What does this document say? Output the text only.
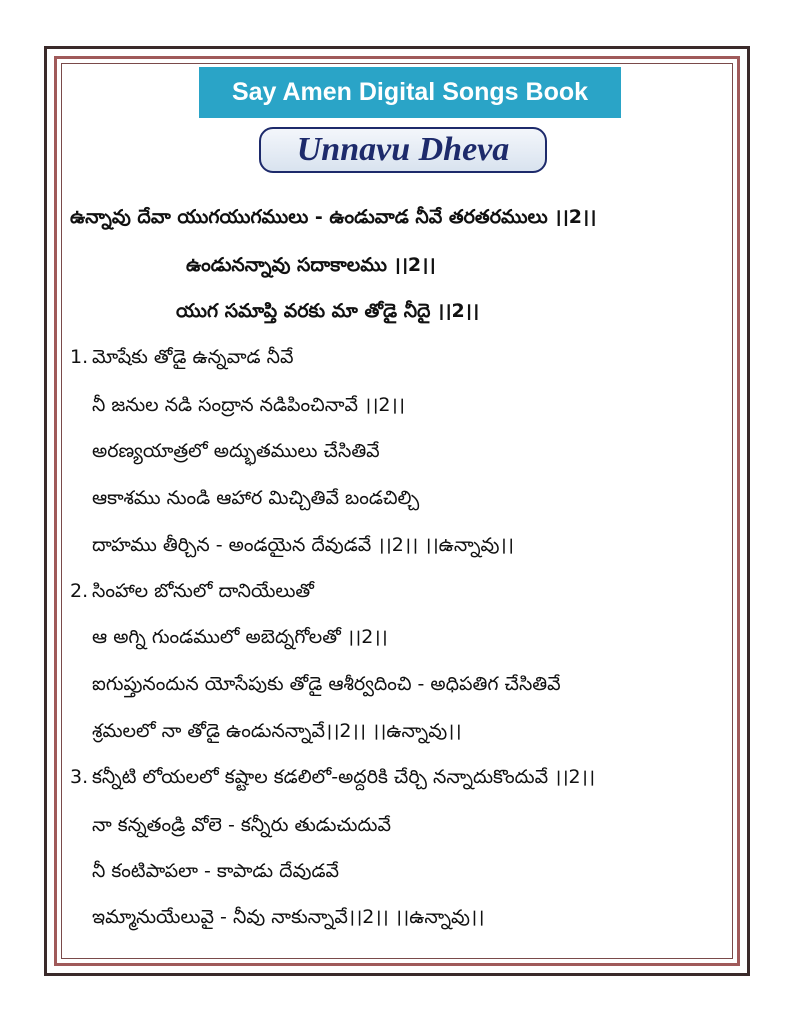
Say Amen Digital Songs Book
Unnavu Dheva
ఉన్నావు దేవా యుగయుగములు - ఉండువాడ నీవే తరతరములు ।।2।।
ఉండునన్నావు సదాకాలము ।।2।।
యుగ సమాప్తి వరకు మా తోడై నీదై ।।2।।
1. మోషేకు తోడై ఉన్నవాడ నీవే
నీ జనుల నడి సంద్రాన నడిపించినావే ।।2।।
అరణ్యయాత్రలో అద్భుతములు చేసితివే
ఆకాశము నుండి ఆహార మిచ్చితివే బండచిల్చి
దాహము తీర్చిన - అండయైన దేవుడవే ।।2।। ।।ఉన్నావు।।
2. సింహాల బోనులో దానియేలుతో
ఆ అగ్ని గుండములో అబెద్నగోలతో ।।2।।
ఐగుప్తునందున యోసేపుకు తోడై ఆశీర్వదించి - అధిపతిగ చేసితివే
శ్రమలలో నా తోడై ఉండునన్నావే।।2।। ।।ఉన్నావు।।
3. కన్నీటి లోయలలో కష్టాల కడలిలో-అద్దరికి చేర్చి నన్నాదుకొందువే ।।2।।
నా కన్నతండ్రి వోలె - కన్నీరు తుడుచుదువే
నీ కంటిపాపలా - కాపాడు దేవుడవే
ఇమ్మానుయేలువై - నీవు నాకున్నావే।।2।। ।।ఉన్నావు।।
